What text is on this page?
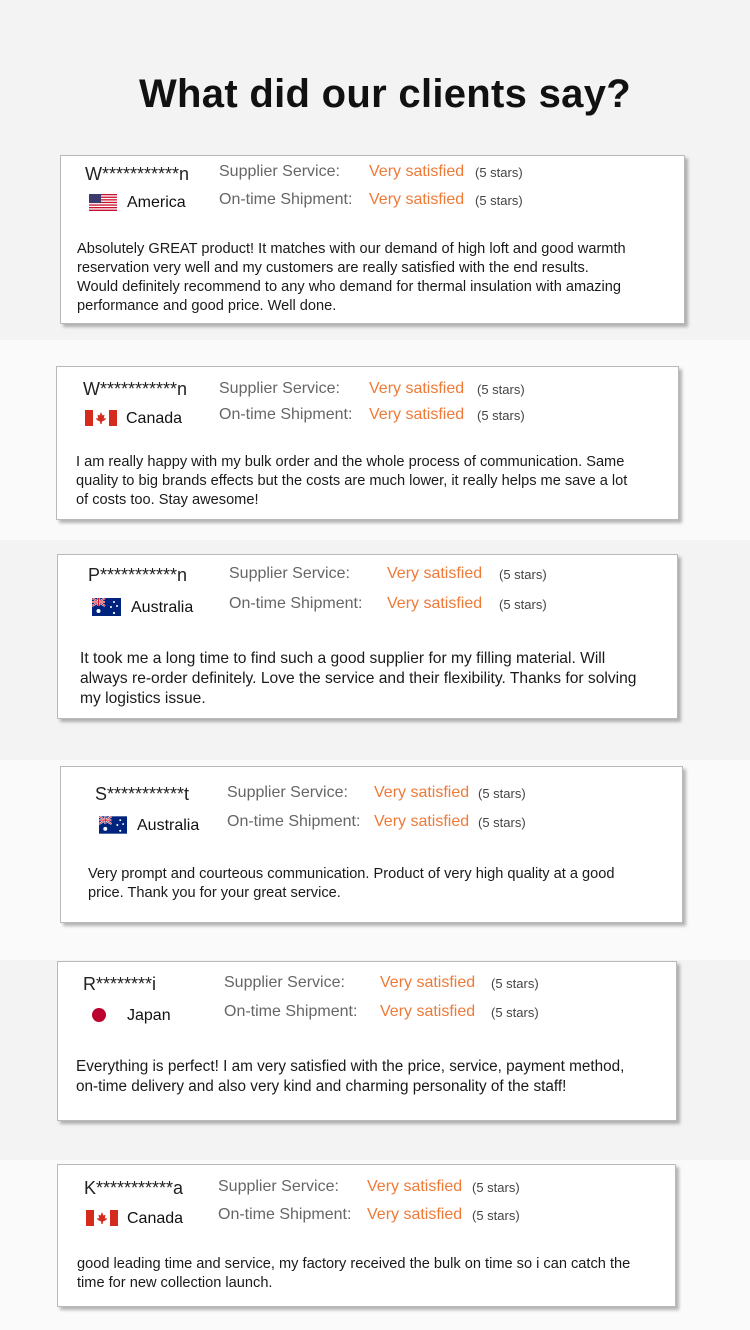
What did our clients say?
W***********n
America
Supplier Service: Very satisfied (5 stars)
On-time Shipment: Very satisfied (5 stars)
Absolutely GREAT product! It matches with our demand of high loft and good warmth
reservation very well and my customers are really satisfied with the end results.
Would definitely recommend to any who demand for thermal insulation with amazing
performance and good price. Well done.
W***********n
Canada
Supplier Service: Very satisfied (5 stars)
On-time Shipment: Very satisfied (5 stars)
I am really happy with my bulk order and the whole process of communication. Same
quality to big brands effects but the costs are much lower, it really helps me save a lot
of costs too. Stay awesome!
P***********n
Australia
Supplier Service: Very satisfied (5 stars)
On-time Shipment: Very satisfied (5 stars)
It took me a long time to find such a good supplier for my filling material. Will
always re-order definitely. Love the service and their flexibility. Thanks for solving
my logistics issue.
S***********t
Australia
Supplier Service: Very satisfied (5 stars)
On-time Shipment: Very satisfied (5 stars)
Very prompt and courteous communication. Product of very high quality at a good
price. Thank you for your great service.
R********i
Japan
Supplier Service: Very satisfied (5 stars)
On-time Shipment: Very satisfied (5 stars)
Everything is perfect! I am very satisfied with the price, service, payment method,
on-time delivery and also very kind and charming personality of the staff!
K***********a
Canada
Supplier Service: Very satisfied (5 stars)
On-time Shipment: Very satisfied (5 stars)
good leading time and service, my factory received the bulk on time so i can catch the
time for new collection launch.
